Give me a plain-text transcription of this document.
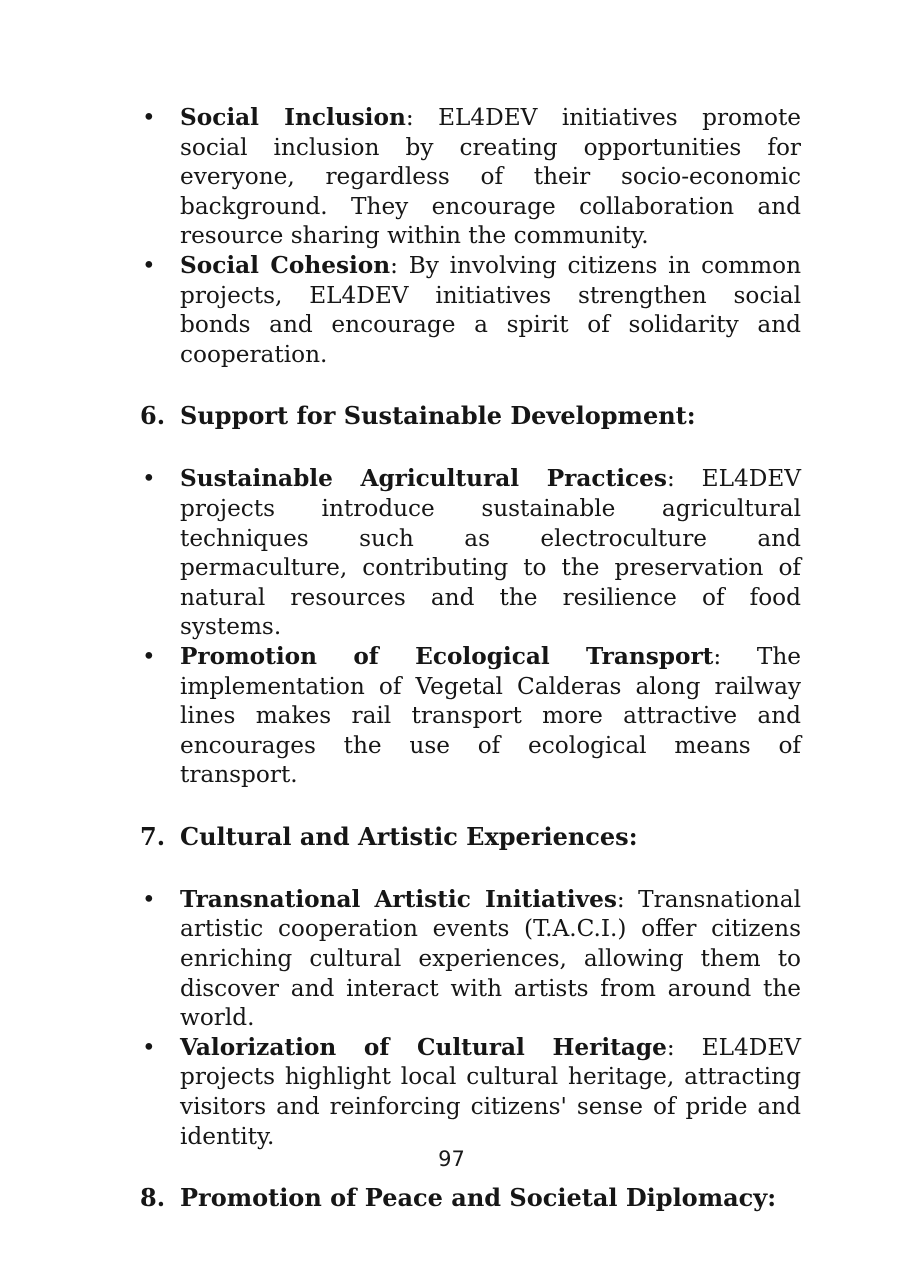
• Social Inclusion: EL4DEV initiatives promote social inclusion by creating opportunities for everyone, regardless of their socio-economic background. They encourage collaboration and resource sharing within the community.
• Social Cohesion: By involving citizens in common projects, EL4DEV initiatives strengthen social bonds and encourage a spirit of solidarity and cooperation.
6. Support for Sustainable Development:
• Sustainable Agricultural Practices: EL4DEV projects introduce sustainable agricultural techniques such as electroculture and permaculture, contributing to the preservation of natural resources and the resilience of food systems.
• Promotion of Ecological Transport: The implementation of Vegetal Calderas along railway lines makes rail transport more attractive and encourages the use of ecological means of transport.
7. Cultural and Artistic Experiences:
• Transnational Artistic Initiatives: Transnational artistic cooperation events (T.A.C.I.) offer citizens enriching cultural experiences, allowing them to discover and interact with artists from around the world.
• Valorization of Cultural Heritage: EL4DEV projects highlight local cultural heritage, attracting visitors and reinforcing citizens' sense of pride and identity.
8. Promotion of Peace and Societal Diplomacy:
97
